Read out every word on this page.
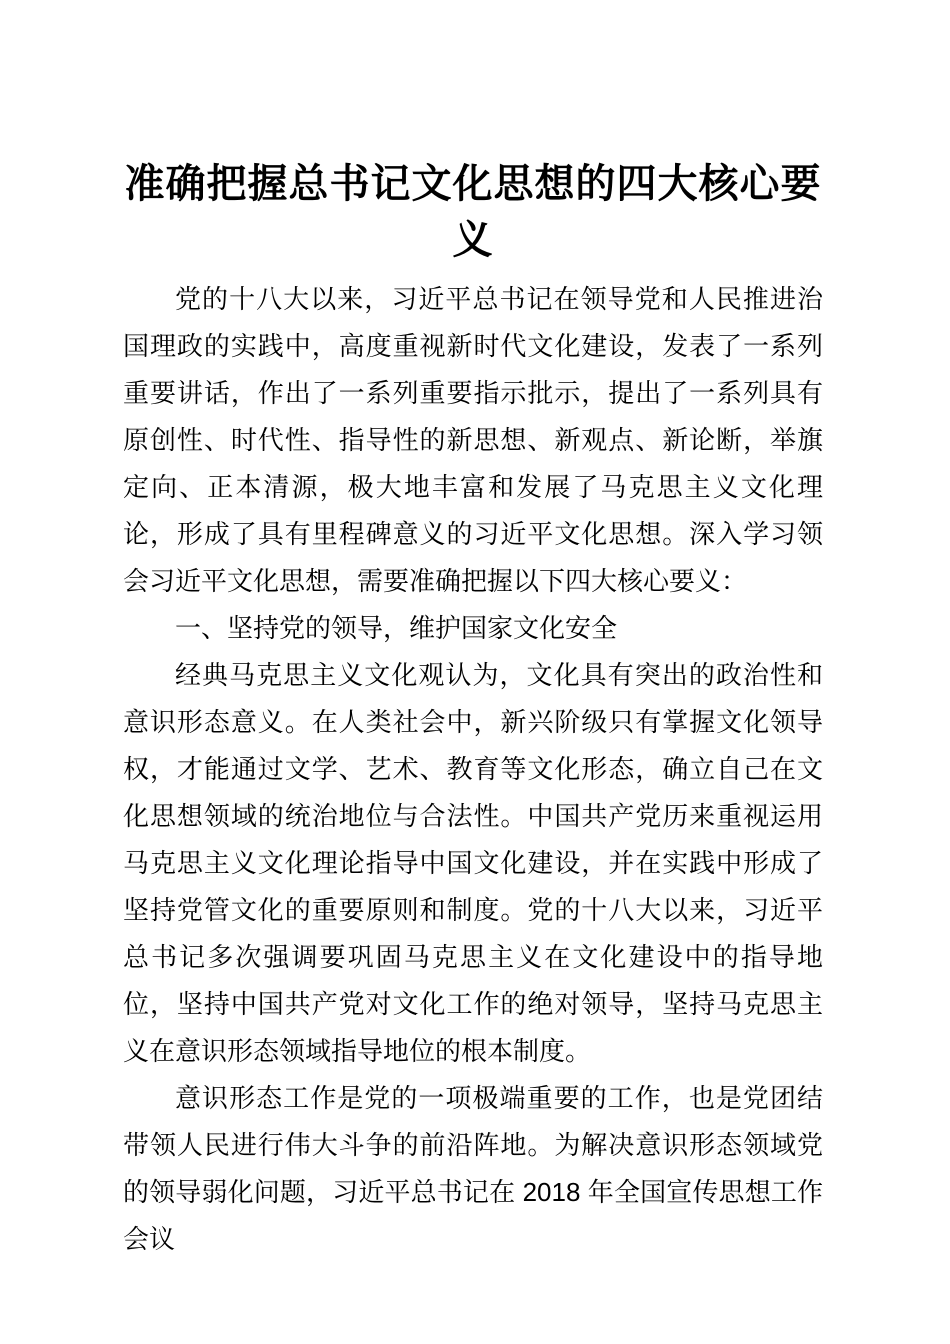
准确把握总书记文化思想的四大核心要义

党的十八大以来，习近平总书记在领导党和人民推进治国理政的实践中，高度重视新时代文化建设，发表了一系列重要讲话，作出了一系列重要指示批示，提出了一系列具有原创性、时代性、指导性的新思想、新观点、新论断，举旗定向、正本清源，极大地丰富和发展了马克思主义文化理论，形成了具有里程碑意义的习近平文化思想。深入学习领会习近平文化思想，需要准确把握以下四大核心要义：

一、坚持党的领导，维护国家文化安全

经典马克思主义文化观认为，文化具有突出的政治性和意识形态意义。在人类社会中，新兴阶级只有掌握文化领导权，才能通过文学、艺术、教育等文化形态，确立自己在文化思想领域的统治地位与合法性。中国共产党历来重视运用马克思主义文化理论指导中国文化建设，并在实践中形成了坚持党管文化的重要原则和制度。党的十八大以来，习近平总书记多次强调要巩固马克思主义在文化建设中的指导地位，坚持中国共产党对文化工作的绝对领导，坚持马克思主义在意识形态领域指导地位的根本制度。

意识形态工作是党的一项极端重要的工作，也是党团结带领人民进行伟大斗争的前沿阵地。为解决意识形态领域党的领导弱化问题，习近平总书记在 2018 年全国宣传思想工作会议
